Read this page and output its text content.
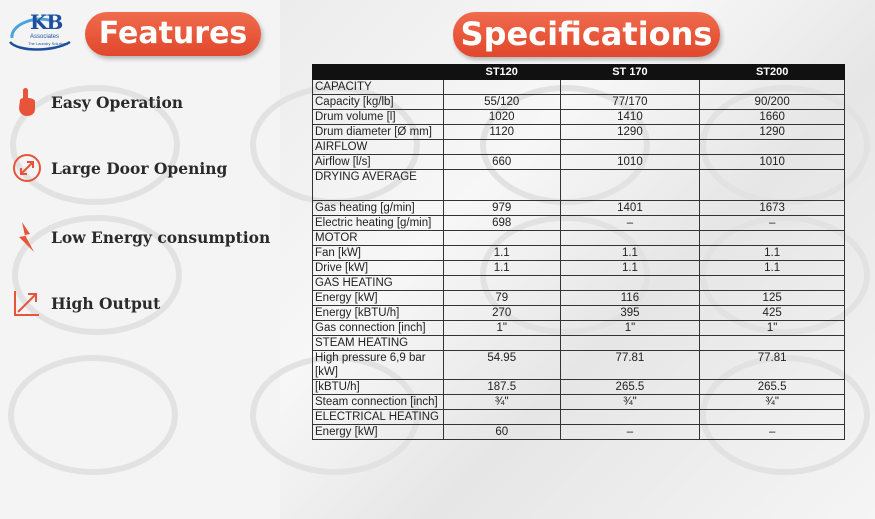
KB
Associates
The Laundry Solutions	Features	Specifications
Easy Operation
Large Door Opening
Low Energy consumption
High Output
	ST120	ST 170	ST200
CAPACITY			
Capacity [kg/lb]	55/120	77/170	90/200
Drum volume [l]	1020	1410	1660
Drum diameter [Ø mm]	1120	1290	1290
AIRFLOW			
Airflow [l/s]	660	1010	1010
DRYING AVERAGE			
Gas heating [g/min]	979	1401	1673
Electric heating [g/min]	698	–	–
MOTOR			
Fan [kW]	1.1	1.1	1.1
Drive [kW]	1.1	1.1	1.1
GAS HEATING			
Energy [kW]	79	116	125
Energy [kBTU/h]	270	395	425
Gas connection [inch]	1"	1"	1"
STEAM HEATING			
High pressure 6,9 bar [kW]	54.95	77.81	77.81
[kBTU/h]	187.5	265.5	265.5
Steam connection [inch]	¾"	¾"	¾"
ELECTRICAL HEATING			
Energy [kW]	60	–	–
